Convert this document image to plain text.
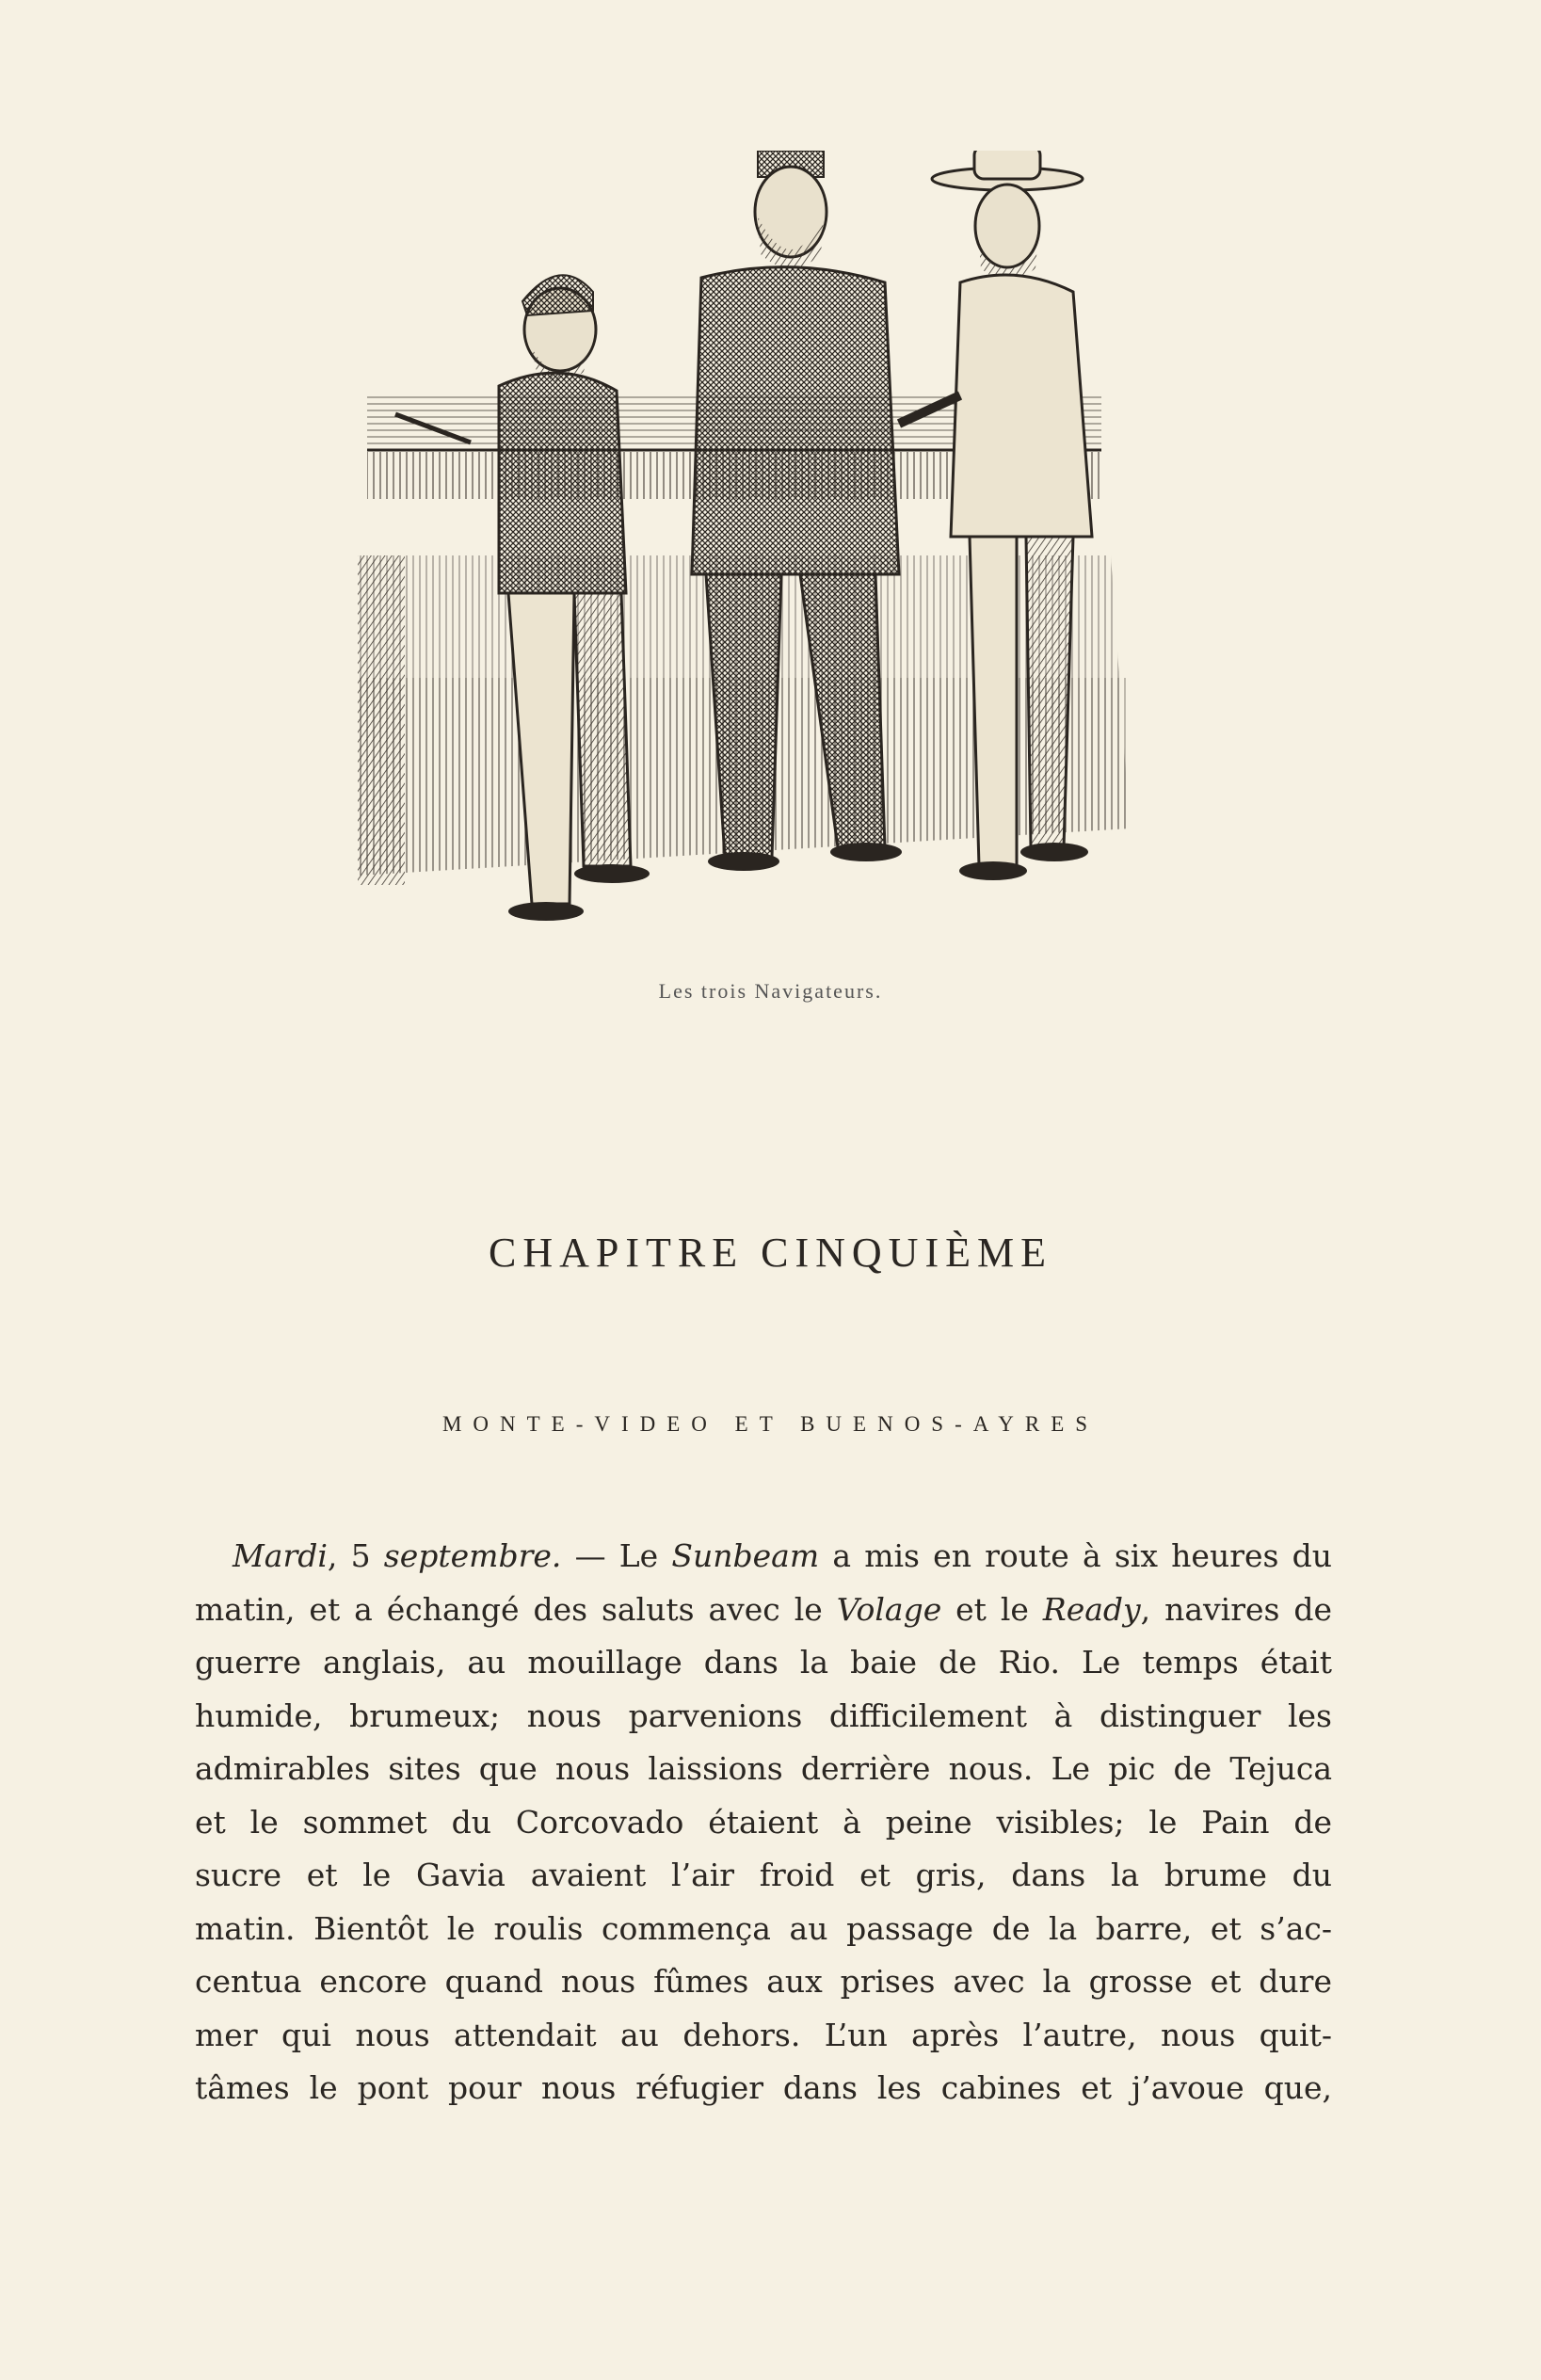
Les trois Navigateurs.
CHAPITRE CINQUIÈME
MONTE-VIDEO ET BUENOS-AYRES
Mardi, 5 septembre. — Le Sunbeam a mis en route à six heures du
matin, et a échangé des saluts avec le Volage et le Ready, navires de
guerre anglais, au mouillage dans la baie de Rio. Le temps était
humide, brumeux; nous parvenions difficilement à distinguer les
admirables sites que nous laissions derrière nous. Le pic de Tejuca
et le sommet du Corcovado étaient à peine visibles; le Pain de
sucre et le Gavia avaient l’air froid et gris, dans la brume du
matin. Bientôt le roulis commença au passage de la barre, et s’ac-
centua encore quand nous fûmes aux prises avec la grosse et dure
mer qui nous attendait au dehors. L’un après l’autre, nous quit-
tâmes le pont pour nous réfugier dans les cabines et j’avoue que,
